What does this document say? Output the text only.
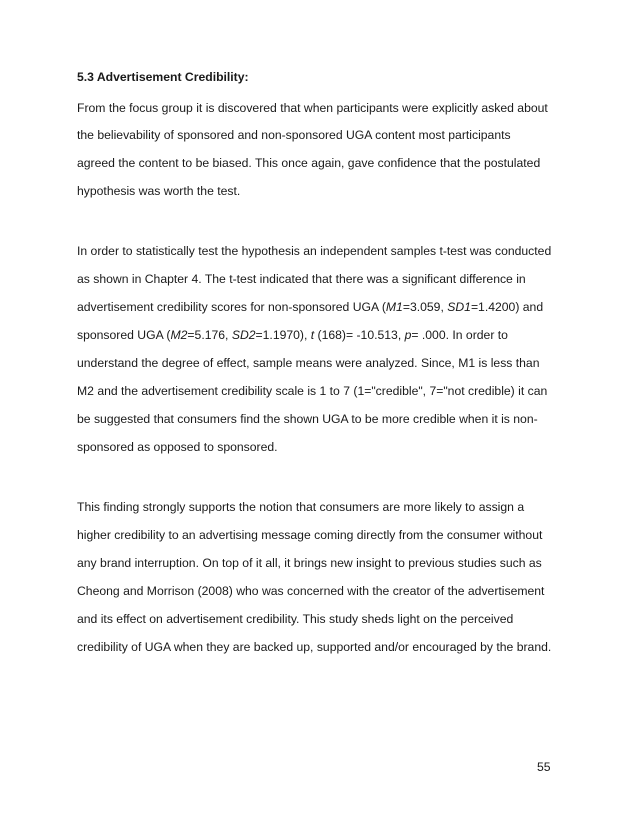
5.3 Advertisement Credibility:
From the focus group it is discovered that when participants were explicitly asked about
the believability of sponsored and non-sponsored UGA content most participants
agreed the content to be biased. This once again, gave confidence that the postulated
hypothesis was worth the test.
In order to statistically test the hypothesis an independent samples t-test was conducted
as shown in Chapter 4. The t-test indicated that there was a significant difference in
advertisement credibility scores for non-sponsored UGA (M1=3.059, SD1=1.4200) and
sponsored UGA (M2=5.176, SD2=1.1970), t (168)= -10.513, p= .000. In order to
understand the degree of effect, sample means were analyzed. Since, M1 is less than
M2 and the advertisement credibility scale is 1 to 7 (1="credible", 7="not credible) it can
be suggested that consumers find the shown UGA to be more credible when it is non-
sponsored as opposed to sponsored.
This finding strongly supports the notion that consumers are more likely to assign a
higher credibility to an advertising message coming directly from the consumer without
any brand interruption. On top of it all, it brings new insight to previous studies such as
Cheong and Morrison (2008) who was concerned with the creator of the advertisement
and its effect on advertisement credibility. This study sheds light on the perceived
credibility of UGA when they are backed up, supported and/or encouraged by the brand.
55
